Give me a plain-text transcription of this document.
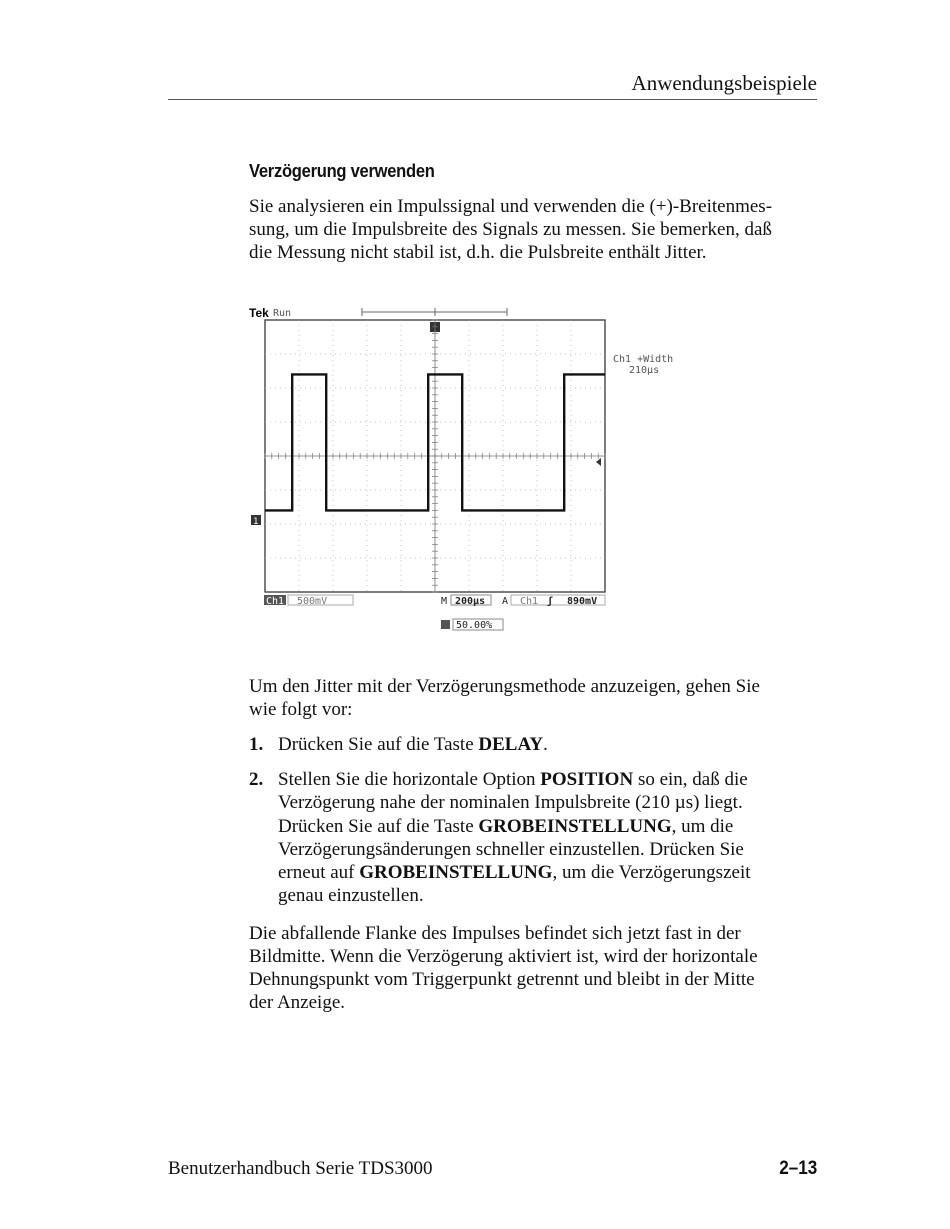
Anwendungsbeispiele
Verzögerung verwenden

Sie analysieren ein Impulssignal und verwenden die (+)-Breitenmes-
sung, um die Impulsbreite des Signals zu messen. Sie bemerken, daß
die Messung nicht stabil ist, d.h. die Pulsbreite enthält Jitter.

Tek Run
1
Ch1 +Width
210µs
Ch1 500mV	M 200µs A Ch1 ʃ 890mV
50.00%

Um den Jitter mit der Verzögerungsmethode anzuzeigen, gehen Sie
wie folgt vor:

1. Drücken Sie auf die Taste DELAY.
2. Stellen Sie die horizontale Option POSITION so ein, daß die
Verzögerung nahe der nominalen Impulsbreite (210 µs) liegt.
Drücken Sie auf die Taste GROBEINSTELLUNG, um die
Verzögerungsänderungen schneller einzustellen. Drücken Sie
erneut auf GROBEINSTELLUNG, um die Verzögerungszeit
genau einzustellen.

Die abfallende Flanke des Impulses befindet sich jetzt fast in der
Bildmitte. Wenn die Verzögerung aktiviert ist, wird der horizontale
Dehnungspunkt vom Triggerpunkt getrennt und bleibt in der Mitte
der Anzeige.

Benutzerhandbuch Serie TDS3000	2–13
